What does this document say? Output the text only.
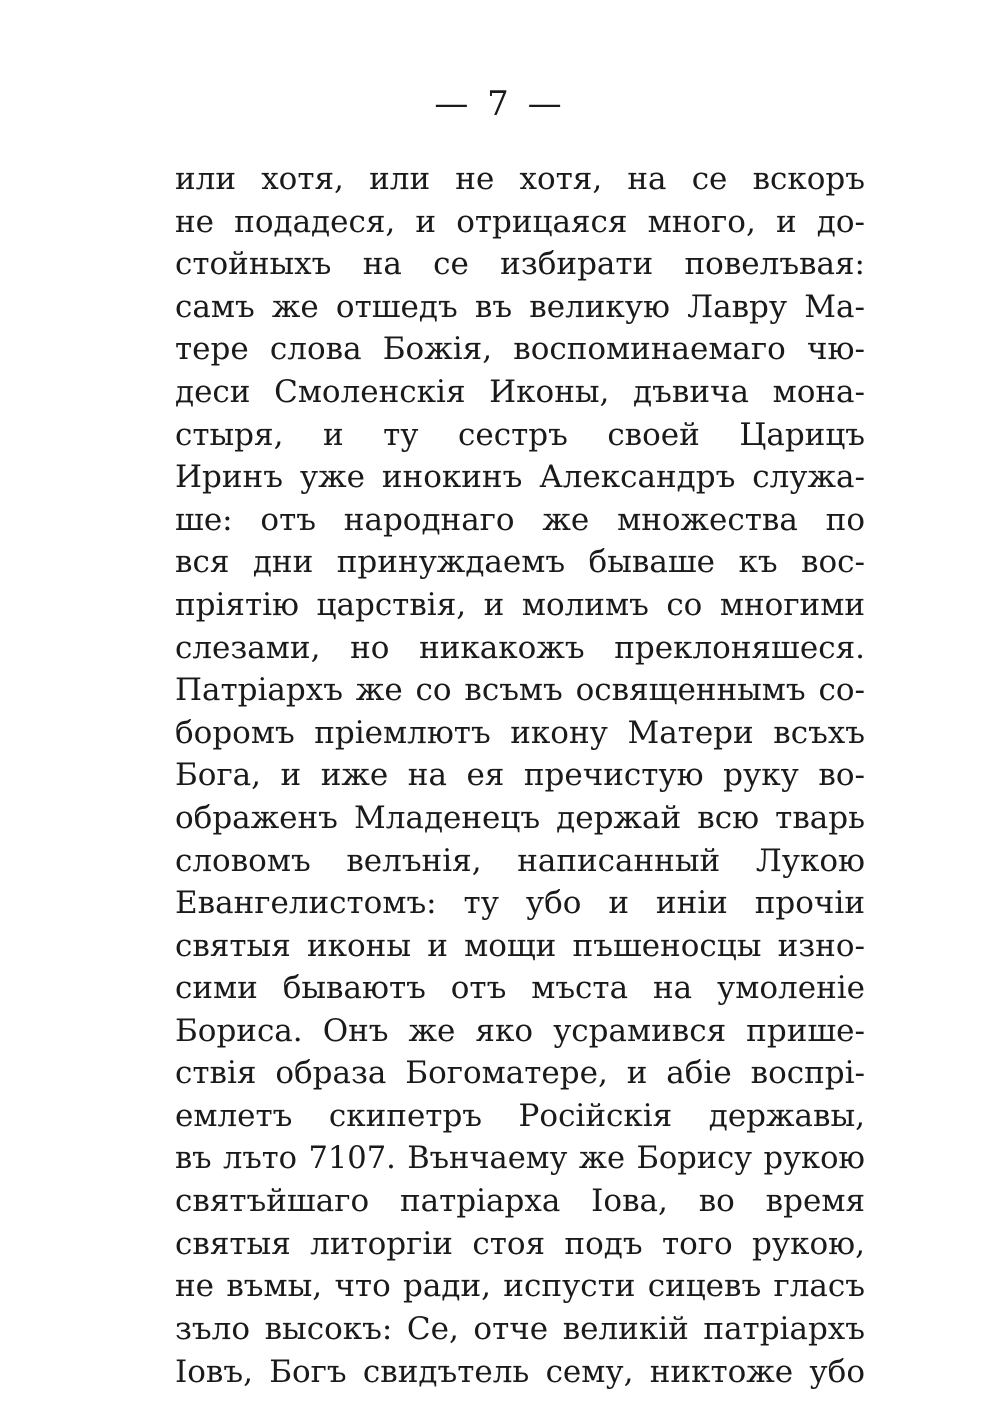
— 7 —
или хотя, или не хотя, на се вскоръ
не подадеся, и отрицаяся много, и до-
стойныхъ на се избирати повелъвая:
самъ же отшедъ въ великую Лавру Ма-
тере слова Божія, воспоминаемаго чю-
деси Смоленскія Иконы, дъвича мона-
стыря, и ту сестръ своей Царицъ
Иринъ уже инокинъ Александръ служа-
ше: отъ народнаго же множества по
вся дни принуждаемъ бываше къ вос-
пріятію царствія, и молимъ со многими
слезами, но никакожъ преклоняшеся.
Патріархъ же со всъмъ освященнымъ со-
боромъ пріемлютъ икону Матери всъхъ
Бога, и иже на ея пречистую руку во-
ображенъ Младенецъ держай всю тварь
словомъ велънія, написанный Лукою
Евангелистомъ: ту убо и иніи прочіи
святыя иконы и мощи пъшеносцы изно-
сими бываютъ отъ мъста на умоленіе
Бориса. Онъ же яко усрамився прише-
ствія образа Богоматере, и абіе воспрі-
емлетъ скипетръ Російскія державы,
въ лъто 7107. Вънчаему же Борису рукою
святъйшаго патріарха Іова, во время
святыя литоргіи стоя подъ того рукою,
не въмы, что ради, испусти сицевъ гласъ
зъло высокъ: Се, отче великій патріархъ
Іовъ, Богъ свидътель сему, никтоже убо
